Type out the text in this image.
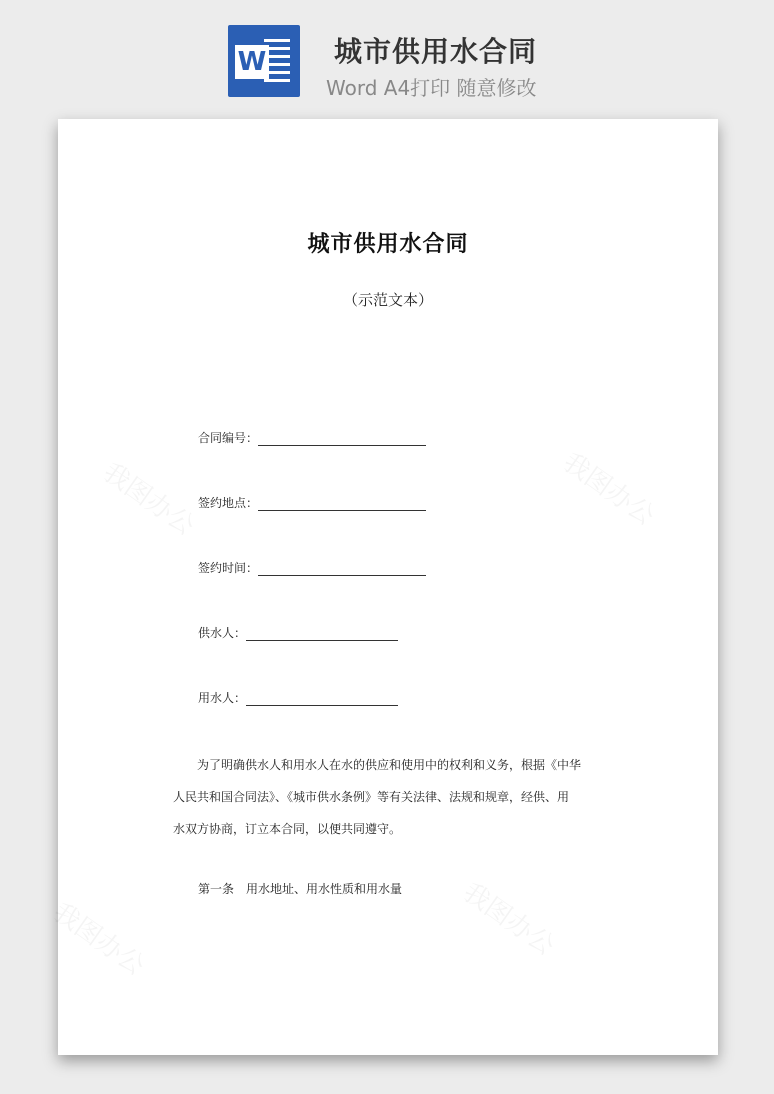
W 城市供用水合同
Word A4打印 随意修改
城市供用水合同
（示范文本）
合同编号：
签约地点：
签约时间：
供水人：
用水人：
为了明确供水人和用水人在水的供应和使用中的权利和义务，根据《中华
人民共和国合同法》、《城市供水条例》等有关法律、法规和规章，经供、用
水双方协商，订立本合同，以便共同遵守。
第一条　用水地址、用水性质和用水量
